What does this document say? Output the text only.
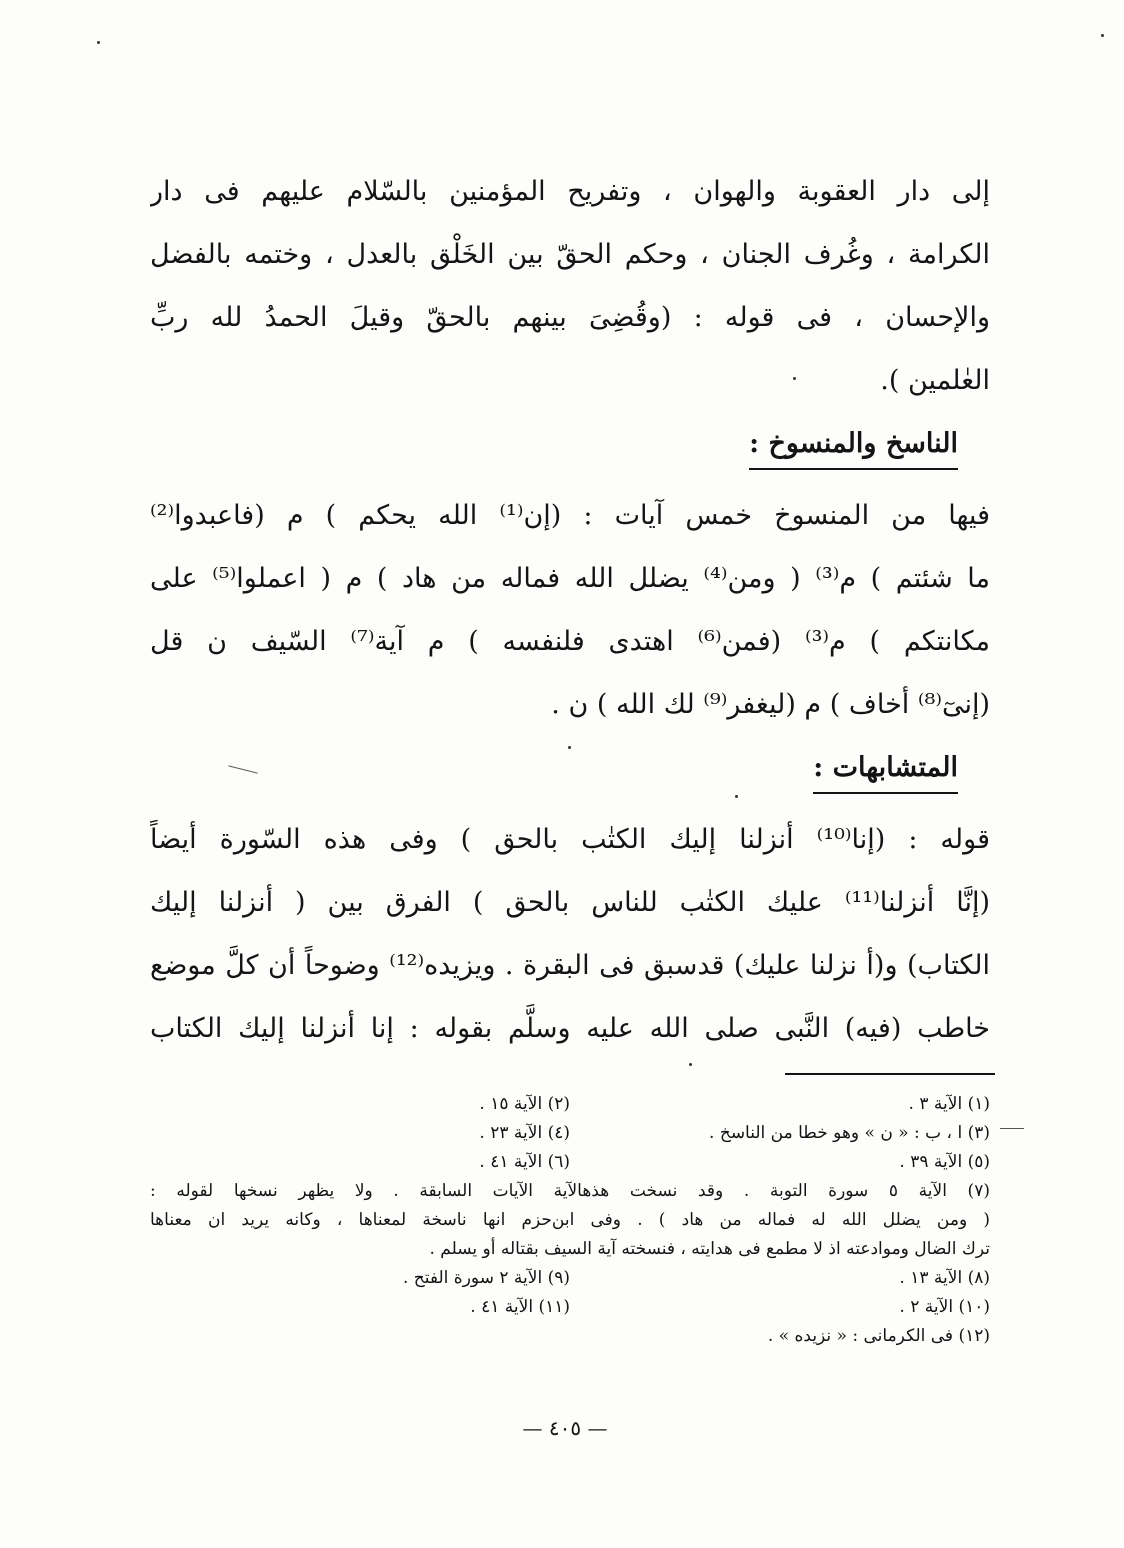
إلى دار العقوبة والهوان ، وتفريح المؤمنين بالسّلام عليهم فى دار
الكرامة ، وغُرف الجنان ، وحكم الحقّ بين الخَلْق بالعدل ، وختمه بالفضل
والإحسان ، فى قوله : (وقُضِىَ بينهم بالحقّ وقيلَ الحمدُ لله ربِّ
العٰلمين ).
الناسخ والمنسوخ :
فيها من المنسوخ خمس آيات : (إن⁽¹⁾ الله يحكم ) م (فاعبدوا⁽²⁾
ما شئتم ) م⁽³⁾ ( ومن⁽⁴⁾ يضلل الله فماله من هاد ) م ( اعملوا⁽⁵⁾ على
مكانتكم ) م⁽³⁾ (فمن⁽⁶⁾ اهتدى فلنفسه ) م آية⁽⁷⁾ السّيف ن قل
(إنىٓ⁽⁸⁾ أخاف ) م (ليغفر⁽⁹⁾ لك الله ) ن .
المتشابهات :
قوله : (إنا⁽¹⁰⁾ أنزلنا إليك الكتٰب بالحق ) وفى هذه السّورة أيضاً
(إنَّا أنزلنا⁽¹¹⁾ عليك الكتٰب للناس بالحق ) الفرق بين ( أنزلنا إليك
الكتاب) و(أ نزلنا عليك) قدسبق فى البقرة . ويزيده⁽¹²⁾ وضوحاً أن كلَّ موضع
خاطب (فيه) النَّبى صلى الله عليه وسلَّم بقوله : إنا أنزلنا إليك الكتاب
(١) الآية ٣ .
(٢) الآية ١٥ .
(٣) ا ، ب : « ن » وهو خطا من الناسخ .
(٤) الآية ٢٣ .
(٥) الآية ٣٩ .
(٦) الآية ٤١ .
(٧) الآية ٥ سورة التوبة . وقد نسخت هذهالآية الآيات السابقة . ولا يظهر نسخها لقوله :
( ومن يضلل الله له فماله من هاد ) . وفى ابن‌حزم انها ناسخة لمعناها ، وكانه يريد ان معناها
ترك الضال وموادعته اذ لا مطمع فى هدايته ، فنسخته آية السيف بقتاله أو يسلم .
(٨) الآية ١٣ .
(٩) الآية ٢ سورة الفتح .
(١٠) الآية ٢ .
(١١) الآية ٤١ .
(١٢) فى الكرمانى : « نزيده » .
— ٤٠٥ —
